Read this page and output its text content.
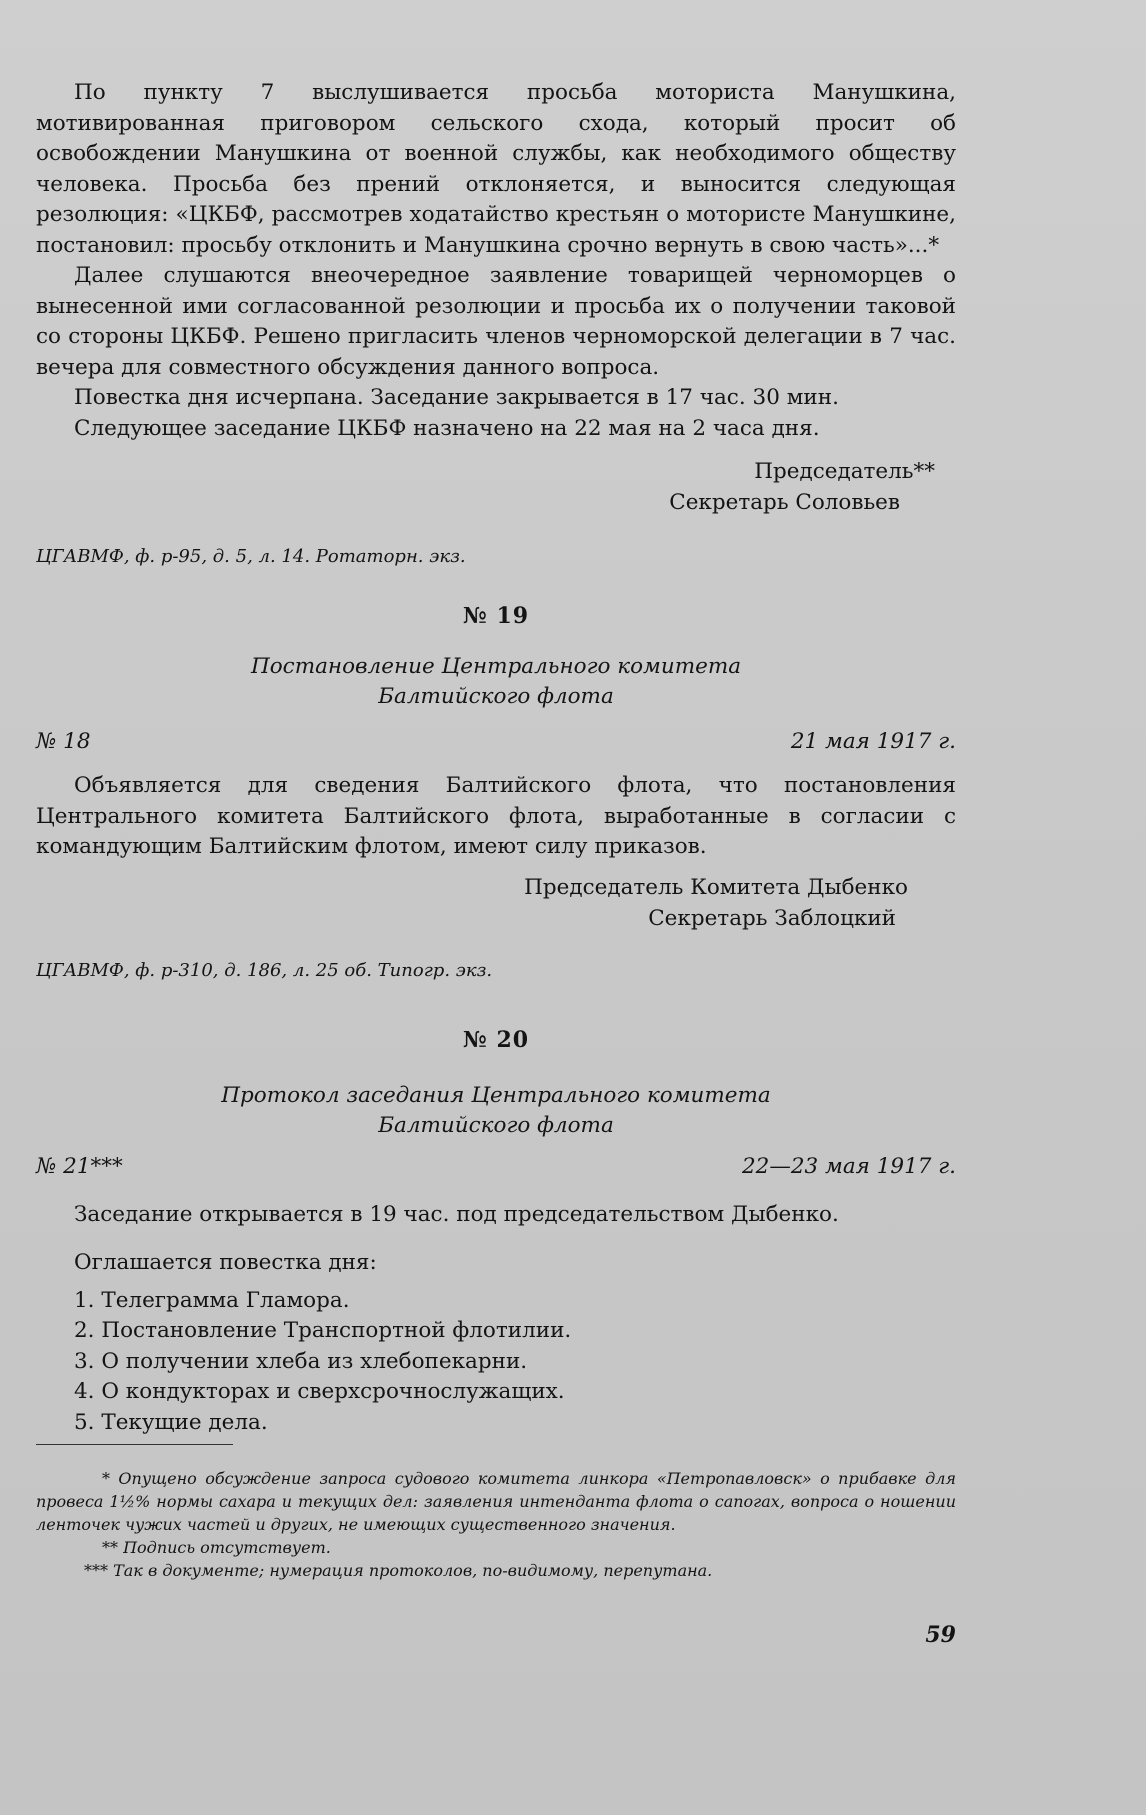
По пункту 7 выслушивается просьба моториста Манушкина, мотивированная приговором сельского схода, который просит об освобождении Манушкина от военной службы, как необходимого обществу человека. Просьба без прений отклоняется, и выносится следующая резолюция: «ЦКБФ, рассмотрев ходатайство крестьян о мотористе Манушкине, постановил: просьбу отклонить и Манушкина срочно вернуть в свою часть»...*

Далее слушаются внеочередное заявление товарищей черноморцев о вынесенной ими согласованной резолюции и просьба их о получении таковой со стороны ЦКБФ. Решено пригласить членов черноморской делегации в 7 час. вечера для совместного обсуждения данного вопроса.

Повестка дня исчерпана. Заседание закрывается в 17 час. 30 мин.

Следующее заседание ЦКБФ назначено на 22 мая на 2 часа дня.

Председатель**

Секретарь Соловьев

ЦГАВМФ, ф. р-95, д. 5, л. 14. Ротаторн. экз.

№ 19
Постановление Центрального комитета
Балтийского флота
№ 18	21 мая 1917 г.

Объявляется для сведения Балтийского флота, что постановления Центрального комитета Балтийского флота, выработанные в согласии с командующим Балтийским флотом, имеют силу приказов.

Председатель Комитета Дыбенко

Секретарь Заблоцкий

ЦГАВМФ, ф. р-310, д. 186, л. 25 об. Типогр. экз.

№ 20
Протокол заседания Центрального комитета
Балтийского флота
№ 21***	22—23 мая 1917 г.

Заседание открывается в 19 час. под председательством Дыбенко.

Оглашается повестка дня:

1. Телеграмма Гламора.

2. Постановление Транспортной флотилии.

3. О получении хлеба из хлебопекарни.

4. О кондукторах и сверхсрочнослужащих.

5. Текущие дела.

* Опущено обсуждение запроса судового комитета линкора «Петропавловск» о прибавке для провеса 1½% нормы сахара и текущих дел: заявления интенданта флота о сапогах, вопроса о ношении ленточек чужих частей и других, не имеющих существенного значения.

** Подпись отсутствует.

*** Так в документе; нумерация протоколов, по-видимому, перепутана.

59
